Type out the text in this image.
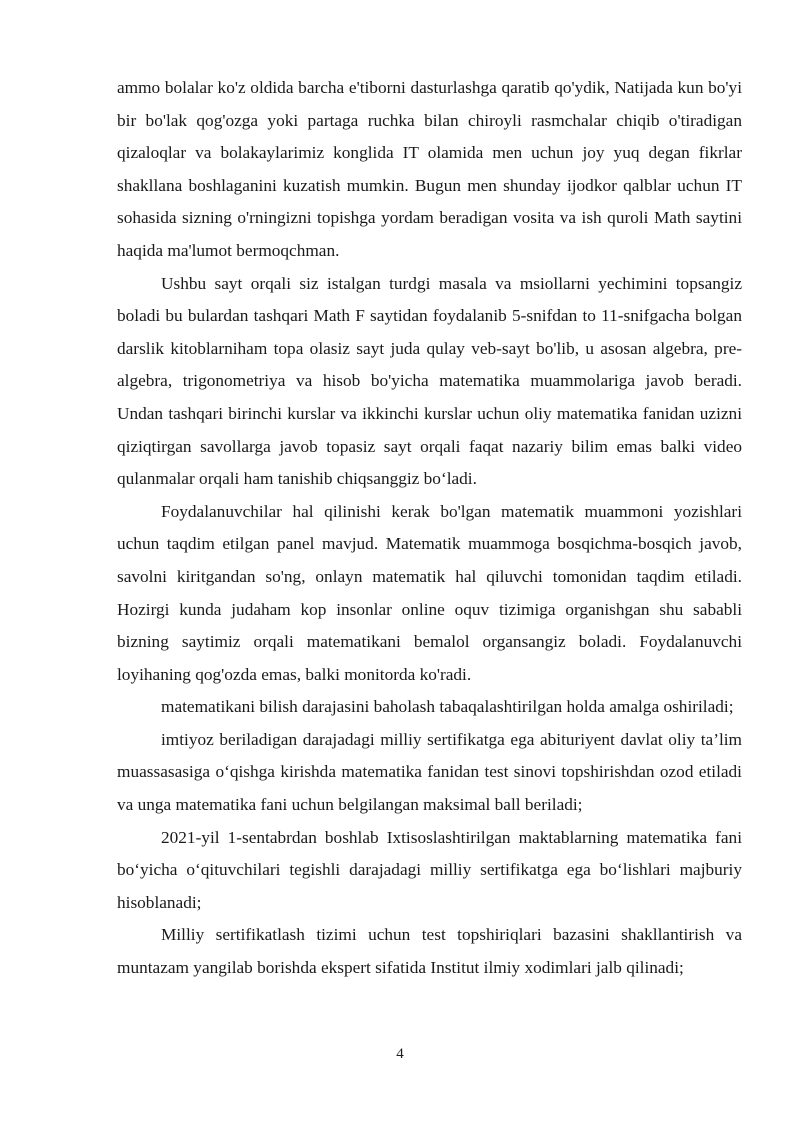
ammo bolalar ko'z oldida barcha e'tiborni dasturlashga qaratib qo'ydik, Natijada kun bo'yi bir bo'lak qog'ozga yoki partaga ruchka bilan chiroyli rasmchalar chiqib o'tiradigan qizaloqlar va bolakaylarimiz konglida IT olamida men uchun joy yuq degan fikrlar shakllana boshlaganini kuzatish mumkin. Bugun men shunday ijodkor qalblar uchun IT sohasida sizning o'rningizni topishga yordam beradigan vosita va ish quroli Math saytini haqida ma'lumot bermoqchman.

Ushbu sayt orqali siz istalgan turdgi masala va msiollarni yechimini topsangiz boladi bu bulardan tashqari Math F saytidan foydalanib 5-snifdan to 11-snifgacha bolgan darslik kitoblarniham topa olasiz sayt juda qulay veb-sayt bo'lib, u asosan algebra, pre-algebra, trigonometriya va hisob bo'yicha matematika muammolariga javob beradi. Undan tashqari birinchi kurslar va ikkinchi kurslar uchun oliy matematika fanidan uzizni qiziqtirgan savollarga javob topasiz sayt orqali faqat nazariy bilim emas balki video qulanmalar orqali ham tanishib chiqsanggiz bo‘ladi.

Foydalanuvchilar hal qilinishi kerak bo'lgan matematik muammoni yozishlari uchun taqdim etilgan panel mavjud. Matematik muammoga bosqichma-bosqich javob, savolni kiritgandan so'ng, onlayn matematik hal qiluvchi tomonidan taqdim etiladi. Hozirgi kunda judaham kop insonlar online oquv tizimiga organishgan shu sababli bizning saytimiz orqali matematikani bemalol organsangiz boladi. Foydalanuvchi loyihaning qog'ozda emas, balki monitorda ko'radi.

matematikani bilish darajasini baholash tabaqalashtirilgan holda amalga oshiriladi;

imtiyoz beriladigan darajadagi milliy sertifikatga ega abituriyent davlat oliy ta’lim muassasasiga o‘qishga kirishda matematika fanidan test sinovi topshirishdan ozod etiladi va unga matematika fani uchun belgilangan maksimal ball beriladi;

2021-yil 1-sentabrdan boshlab Ixtisoslashtirilgan maktablarning matematika fani bo‘yicha o‘qituvchilari tegishli darajadagi milliy sertifikatga ega bo‘lishlari majburiy hisoblanadi;

Milliy sertifikatlash tizimi uchun test topshiriqlari bazasini shakllantirish va muntazam yangilab borishda ekspert sifatida Institut ilmiy xodimlari jalb qilinadi;

4
